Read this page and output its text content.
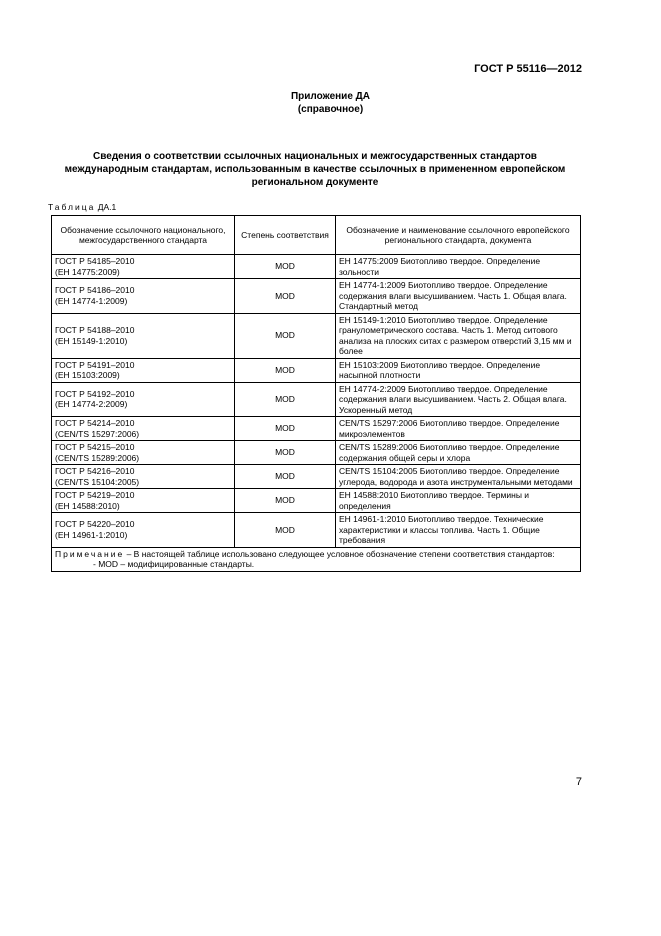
ГОСТ Р 55116—2012
Приложение ДА
(справочное)
Сведения о соответствии ссылочных национальных и межгосударственных стандартов международным стандартам, использованным в качестве ссылочных в примененном европейском региональном документе
Таблица ДА.1
Обозначение ссылочного национального, межгосударственного стандарта	Степень соответствия	Обозначение и наименование ссылочного европейского регионального стандарта, документа

ГОСТ Р 54185–2010
(ЕН 14775:2009)	MOD	ЕН 14775:2009 Биотопливо твердое. Определение зольности

ГОСТ Р 54186–2010
(ЕН 14774-1:2009)	MOD	ЕН 14774-1:2009 Биотопливо твердое. Определение содержания влаги высушиванием. Часть 1. Общая влага. Стандартный метод

ГОСТ Р 54188–2010
(ЕН 15149-1:2010)	MOD	ЕН 15149-1:2010 Биотопливо твердое. Определение гранулометрического состава. Часть 1. Метод ситового анализа на плоских ситах с размером отверстий 3,15 мм и более

ГОСТ Р 54191–2010
(ЕН 15103:2009)	MOD	ЕН 15103:2009 Биотопливо твердое. Определение насыпной плотности

ГОСТ Р 54192–2010
(ЕН 14774-2:2009)	MOD	ЕН 14774-2:2009 Биотопливо твердое. Определение содержания влаги высушиванием. Часть 2. Общая влага. Ускоренный метод

ГОСТ Р 54214–2010
(CEN/TS 15297:2006)	MOD	CEN/TS 15297:2006 Биотопливо твердое. Определение микроэлементов

ГОСТ Р 54215–2010
(CEN/TS 15289:2006)	MOD	CEN/TS 15289:2006 Биотопливо твердое. Определение содержания общей серы и хлора

ГОСТ Р 54216–2010
(CEN/TS 15104:2005)	MOD	CEN/TS 15104:2005 Биотопливо твердое. Определение углерода, водорода и азота инструментальными методами

ГОСТ Р 54219–2010
(ЕН 14588:2010)	MOD	ЕН 14588:2010 Биотопливо твердое. Термины и определения

ГОСТ Р 54220–2010
(ЕН 14961-1:2010)	MOD	ЕН 14961-1:2010 Биотопливо твердое. Технические характеристики и классы топлива. Часть 1. Общие требования

Примечание – В настоящей таблице использовано следующее условное обозначение степени соответствия стандартов:
- MOD – модифицированные стандарты.		
7
